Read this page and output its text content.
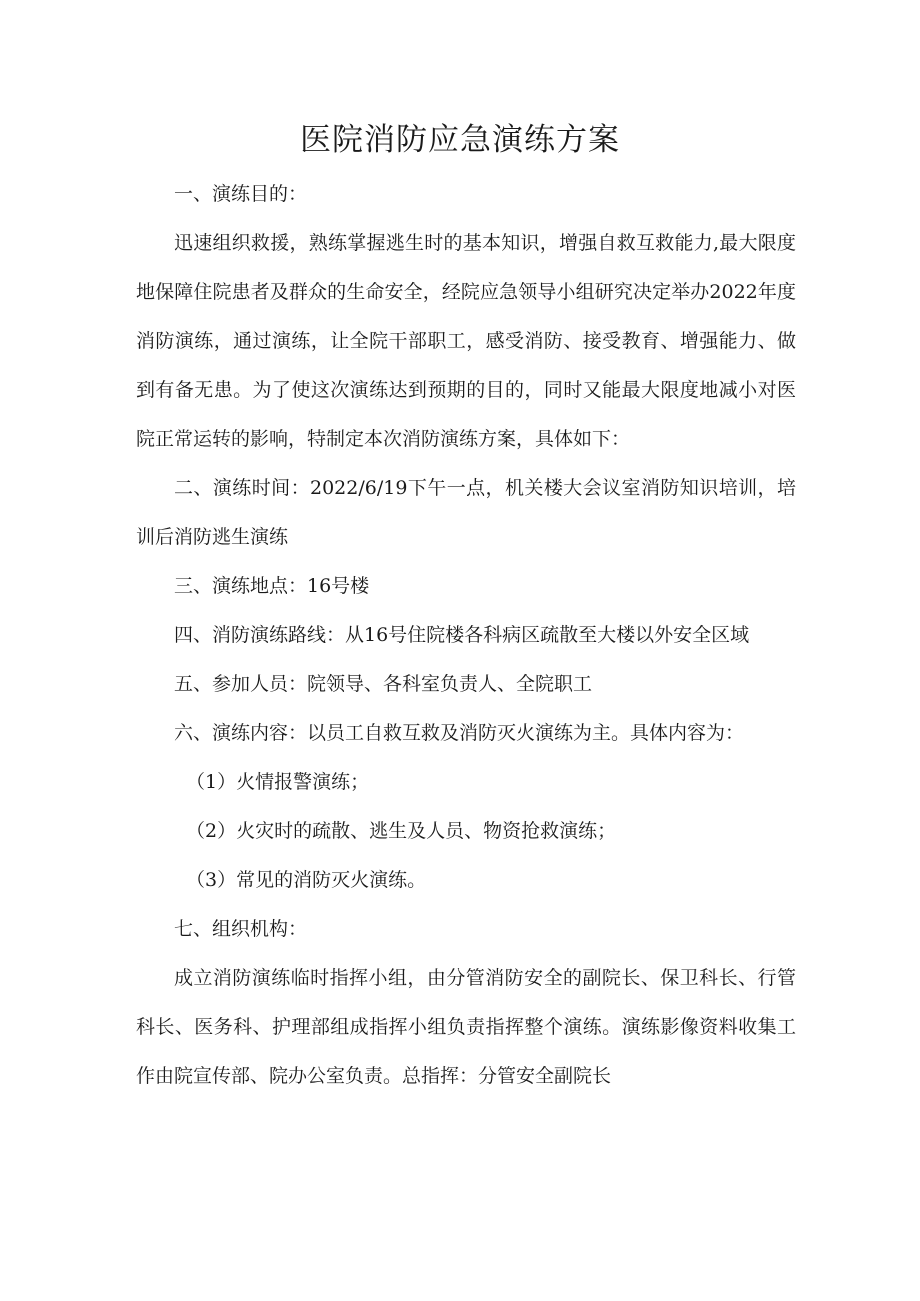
医院消防应急演练方案

一、演练目的：

迅速组织救援，熟练掌握逃生时的基本知识，增强自救互救能力,最大限度地保障住院患者及群众的生命安全，经院应急领导小组研究决定举办2022年度消防演练，通过演练，让全院干部职工，感受消防、接受教育、增强能力、做到有备无患。为了使这次演练达到预期的目的，同时又能最大限度地减小对医院正常运转的影响，特制定本次消防演练方案，具体如下：

二、演练时间：2022/6/19下午一点，机关楼大会议室消防知识培训，培训后消防逃生演练

三、演练地点：16号楼

四、消防演练路线：从16号住院楼各科病区疏散至大楼以外安全区域

五、参加人员：院领导、各科室负责人、全院职工

六、演练内容：以员工自救互救及消防灭火演练为主。具体内容为：

（1）火情报警演练；

（2）火灾时的疏散、逃生及人员、物资抢救演练；

（3）常见的消防灭火演练。

七、组织机构：

成立消防演练临时指挥小组，由分管消防安全的副院长、保卫科长、行管科长、医务科、护理部组成指挥小组负责指挥整个演练。演练影像资料收集工作由院宣传部、院办公室负责。总指挥：分管安全副院长
